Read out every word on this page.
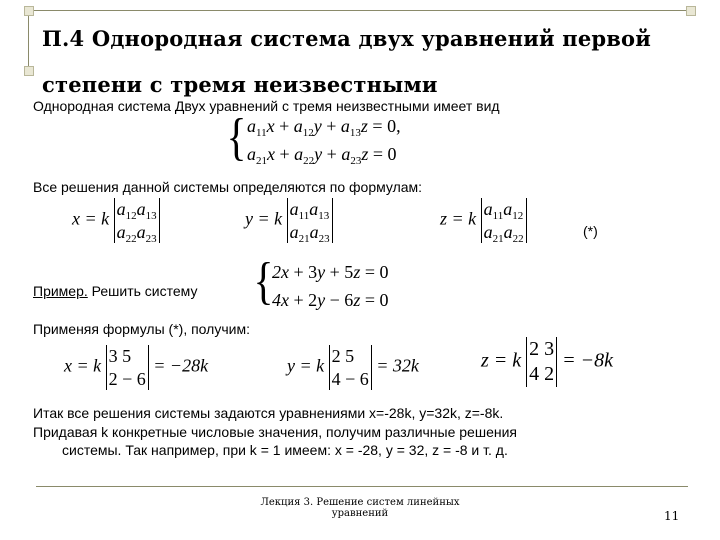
П.4 Однородная система двух уравнений первой
степени с тремя неизвестными
Однородная система Двух уравнений с тремя неизвестными имеет вид
{ $a_{11}x + a_{12}y + a_{13}z = 0$,
$a_{21}x + a_{22}y + a_{23}z = 0$
Все решения данной системы определяются по формулам:
x = k $a_{12}a_{13}$
$a_{22}a_{23}$
y = k $a_{11}a_{13}$
$a_{21}a_{23}$
z = k $a_{11}a_{12}$
$a_{21}a_{22}$	(*)
Пример. Решить систему {
2x + 3y + 5z = 0
4x + 2y − 6z = 0
Применяя формулы (*), получим:
x = k 3 5
2 − 6
= −28k	y = k 2 5
4 − 6
= 32k	z = k
2 3
4 2
= −8k
Итак все решения системы задаются уравнениями x=-28k, y=32k, z=-8k.
Придавая k конкретные числовые значения, получим различные решения
системы. Так например, при k = 1 имеем: x = -28, y = 32, z = -8 и т. д.
Лекция 3. Решение систем линейных
уравнений	11
